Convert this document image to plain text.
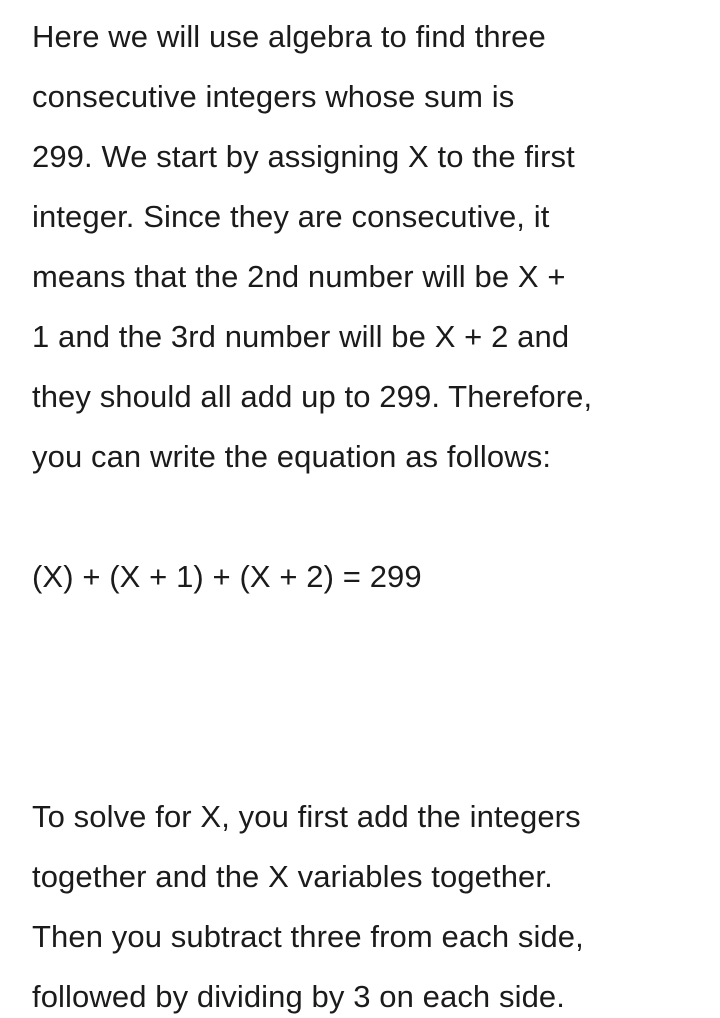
Here we will use algebra to find three
consecutive integers whose sum is
299. We start by assigning X to the first
integer. Since they are consecutive, it
means that the 2nd number will be X +
1 and the 3rd number will be X + 2 and
they should all add up to 299. Therefore,
you can write the equation as follows:
(X) + (X + 1) + (X + 2) = 299
To solve for X, you first add the integers
together and the X variables together.
Then you subtract three from each side,
followed by dividing by 3 on each side.
